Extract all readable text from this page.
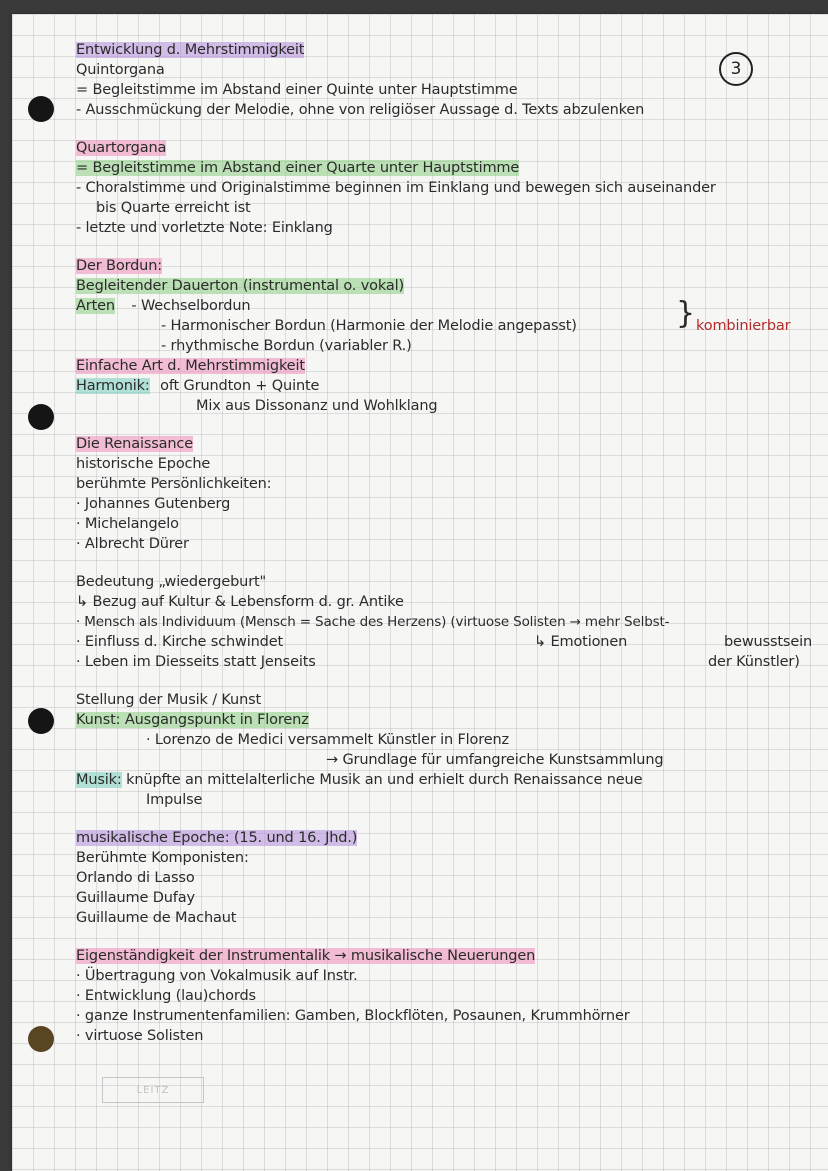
3
LEITZ
Entwicklung d. Mehrstimmigkeit
Quintorgana
= Begleitstimme im Abstand einer Quinte unter Hauptstimme
- Ausschmückung der Melodie, ohne von religiöser Aussage d. Texts abzulenken
Quartorgana
= Begleitstimme im Abstand einer Quarte unter Hauptstimme
- Choralstimme und Originalstimme beginnen im Einklang und bewegen sich auseinander
bis Quarte erreicht ist
- letzte und vorletzte Note: Einklang
Der Bordun:
Begleitender Dauerton (instrumental o. vokal)
Arten - Wechselbordun
- Harmonischer Bordun (Harmonie der Melodie angepasst)	} kombinierbar
- rhythmische Bordun (variabler R.)
Einfache Art d. Mehrstimmigkeit
Harmonik: oft Grundton + Quinte
Mix aus Dissonanz und Wohlklang
Die Renaissance
historische Epoche
berühmte Persönlichkeiten:
· Johannes Gutenberg
· Michelangelo
· Albrecht Dürer
Bedeutung „wiedergeburt"
↳ Bezug auf Kultur & Lebensform d. gr. Antike
· Mensch als Individuum (Mensch = Sache des Herzens) (virtuose Solisten → mehr Selbst-
· Einfluss d. Kirche schwindet	↳ Emotionen	bewusstsein
· Leben im Diesseits statt Jenseits	der Künstler)
Stellung der Musik / Kunst
Kunst: Ausgangspunkt in Florenz
· Lorenzo de Medici versammelt Künstler in Florenz
→ Grundlage für umfangreiche Kunstsammlung
Musik: knüpfte an mittelalterliche Musik an und erhielt durch Renaissance neue
Impulse
musikalische Epoche: (15. und 16. Jhd.)
Berühmte Komponisten:
Orlando di Lasso
Guillaume Dufay
Guillaume de Machaut
Eigenständigkeit der Instrumentalik → musikalische Neuerungen
· Übertragung von Vokalmusik auf Instr.
· Entwicklung (lau)chords
· ganze Instrumentenfamilien: Gamben, Blockflöten, Posaunen, Krummhörner
· virtuose Solisten
